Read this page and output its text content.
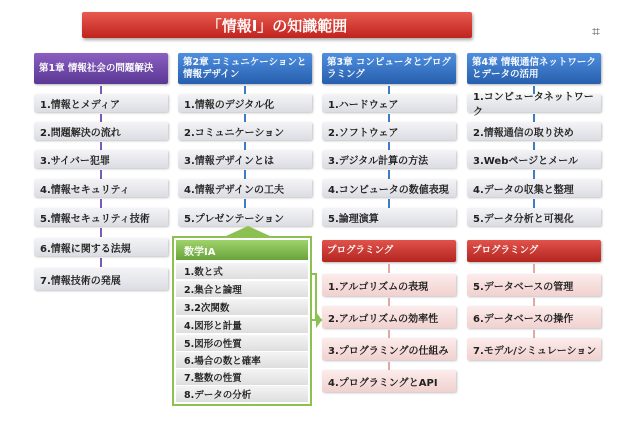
「情報Ⅰ」の知識範囲	⌗
第1章 情報社会の問題解決
1.情報とメディア
2.問題解決の流れ
3.サイバー犯罪
4.情報セキュリティ
5.情報セキュリティ技術
6.情報に関する法規
7.情報技術の発展
第2章 コミュニケーションと情報デザイン
1.情報のデジタル化
2.コミュニケーション
3.情報デザインとは
4.情報デザインの工夫
5.プレゼンテーション
第3章 コンピュータとプログラミング
1.ハードウェア
2.ソフトウェア
3.デジタル計算の方法
4.コンピュータの数値表現
5.論理演算
プログラミング
1.アルゴリズムの表現
2.アルゴリズムの効率性
3.プログラミングの仕組み
4.プログラミングとAPI
第4章 情報通信ネットワークとデータの活用
1.コンピュータネットワーク
2.情報通信の取り決め
3.Webページとメール
4.データの収集と整理
5.データ分析と可視化
プログラミング
5.データベースの管理
6.データベースの操作
7.モデル/シミュレーション
数学ⅠA
1.数と式
2.集合と論理
3.2次関数
4.図形と計量
5.図形の性質
6.場合の数と確率
7.整数の性質
8.データの分析
